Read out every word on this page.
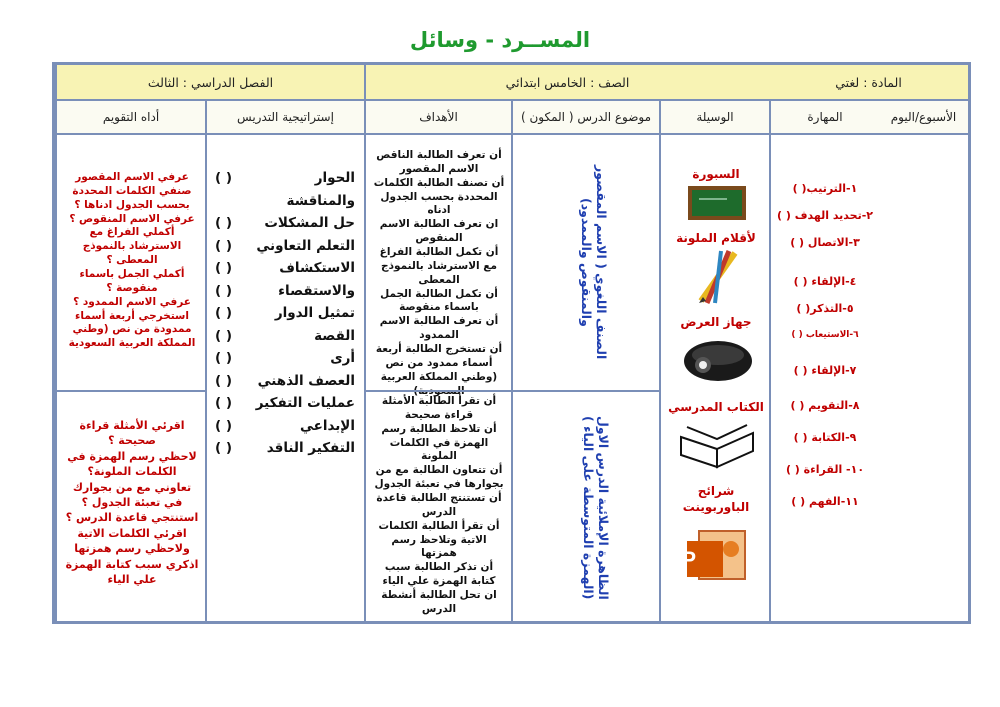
المســرد - وسائل
المادة : لغتي
الصف : الخامس ابتدائي
الفصل الدراسي : الثالث
الأسبوع/اليوم
المهارة
الوسيلة
( المكون ) موضوع الدرس
الأهداف
إستراتيجية التدريس
أداه التقويم
١-الترتيب( )
٢-تحديد الهدف ( )
٣-الاتصال ( )
٤-الإلقاء ( )
٥-التذكر( )
٦-الاستيعاب ( )
٧-الإلقاء ( )
٨-التقويم ( )
٩-الكتابة ( )
١٠- القراءة ( )
١١-الفهم ( )
السبورة
لأقلام الملونة
جهاز العرض
الكتاب المدرسي
شرائح الباوربوينت
P
الصنف اللغوي ( الاسم المقصور والمنقوص والممدود)
الظاهرة الإملائية الدرس الاول (الهمزة المتوسطة على الياء )
أن تعرف الطالبة الناقص الاسم المقصور
أن تصنف الطالبة الكلمات المحددة بحسب الجدول ادناه
ان تعرف الطالبة الاسم المنقوص
أن تكمل الطالبة الفراغ مع الاسترشاد بالنموذج المعطى
أن تكمل الطالبة الجمل باسماء منقوصة
أن تعرف الطالبة الاسم الممدود
أن تستخرج الطالبة أربعة أسماء ممدود من نص (وطني المملكة العربية السعودية)
أن تقرأ الطالبة الأمثلة قراءة صحيحة
أن تلاحظ الطالبة رسم الهمزة في الكلمات الملونة
أن تتعاون الطالبة مع من بجوارها في تعبئة الجدول
أن تستنتج الطالبة قاعدة الدرس
أن تقرأ الطالبة الكلمات الاتية وتلاحظ رسم همزتها
أن تذكر الطالبة سبب كتابة الهمزة علي الياء
ان تحل الطالبة أنشطة الدرس
الحوار
( )
والمناقشة
حل المشكلات
( )
التعلم التعاوني
( )
الاستكشاف
( )
والاستقصاء
( )
تمثيل الدوار
( )
القصة
( )
أرى
( )
العصف الذهني
( )
عمليات التفكير
( )
الإبداعي
( )
التفكير الناقد
( )
عرفي الاسم المقصور
صنفي الكلمات المحددة بحسب الجدول ادناها ؟
عرفي الاسم المنقوص ؟
أكملي الفراغ مع الاسترشاد بالنموذج المعطى ؟
أكملي الجمل باسماء منقوصة ؟
عرفي الاسم الممدود ؟
استخرجي أربعة أسماء ممدودة من نص (وطني المملكة العربية السعودية
اقرئي الأمثلة قراءة صحيحة ؟
لاحظي رسم الهمزة في الكلمات الملونة؟
تعاوني مع من بجوارك في تعبئة الجدول ؟
استنتجي قاعدة الدرس ؟
اقرئي الكلمات الاتية ولاحظي رسم همزتها
اذكري سبب كتابة الهمزة علي الياء
